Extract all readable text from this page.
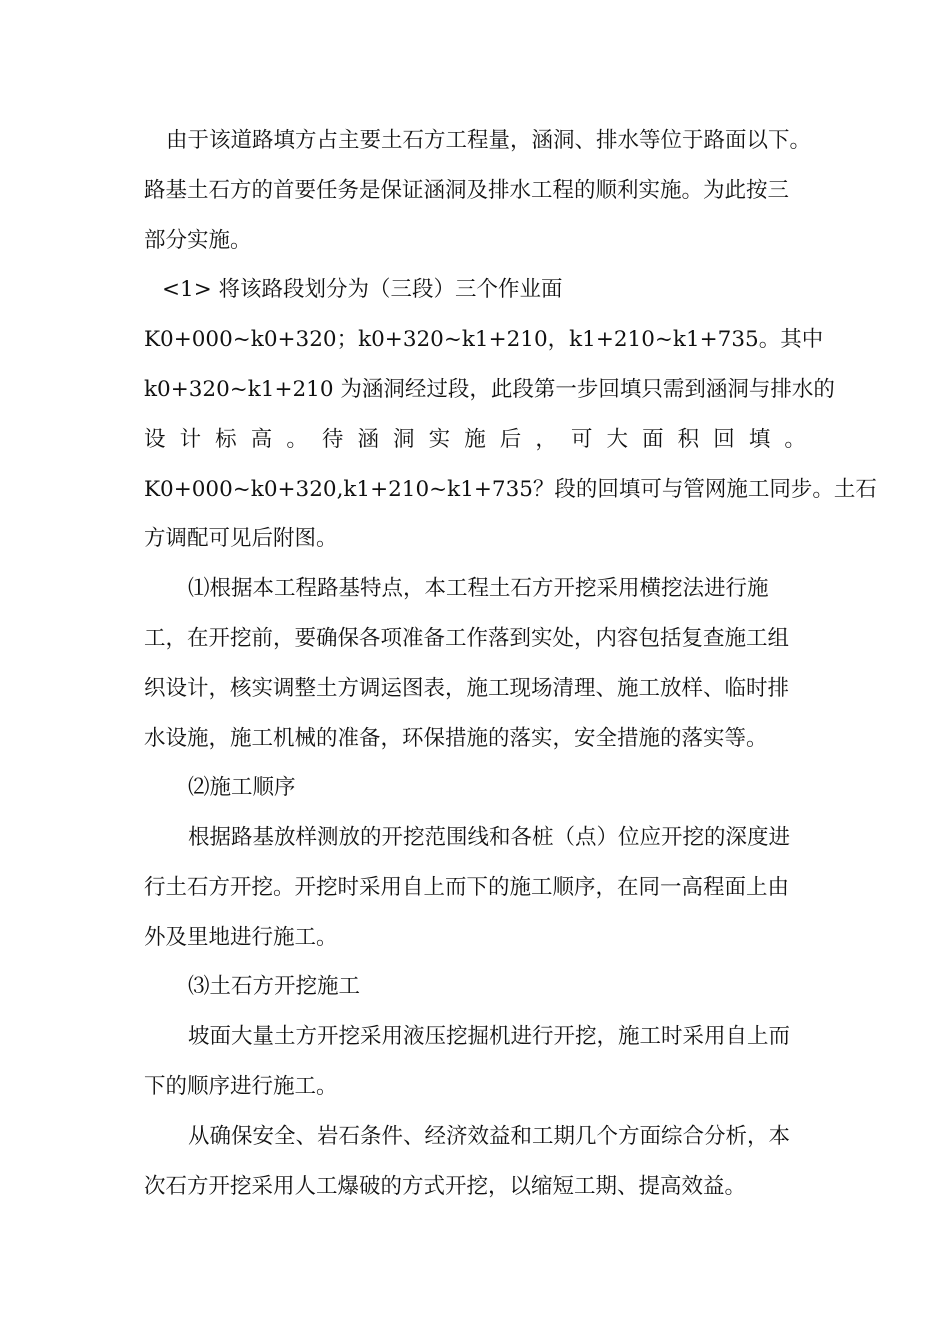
由于该道路填方占主要土石方工程量，涵洞、排水等位于路面以下。
路基土石方的首要任务是保证涵洞及排水工程的顺利实施。为此按三
部分实施。
<1> 将该路段划分为（三段）三个作业面
K0+000~k0+320 ； k0+320~k1+210 ， k1+210~k1+735 。 其 中
k0+320~k1+210 为涵洞经过段，此段第一步回填只需到涵洞与排水的
设 计 标 高 。 待 涵 洞 实 施 后 ， 可 大 面 积 回 填 。
K0+000~k0+320,k1+210~k1+735？段的回填可与管网施工同步。土石
方调配可见后附图。
⑴根据本工程路基特点，本工程土石方开挖采用横挖法进行施
工，在开挖前，要确保各项准备工作落到实处，内容包括复查施工组
织设计，核实调整土方调运图表，施工现场清理、施工放样、临时排
水设施，施工机械的准备，环保措施的落实，安全措施的落实等。
⑵施工顺序
根据路基放样测放的开挖范围线和各桩（点）位应开挖的深度进
行土石方开挖。开挖时采用自上而下的施工顺序，在同一高程面上由
外及里地进行施工。
⑶土石方开挖施工
坡面大量土方开挖采用液压挖掘机进行开挖，施工时采用自上而
下的顺序进行施工。
从确保安全、岩石条件、经济效益和工期几个方面综合分析，本
次石方开挖采用人工爆破的方式开挖，以缩短工期、提高效益。
